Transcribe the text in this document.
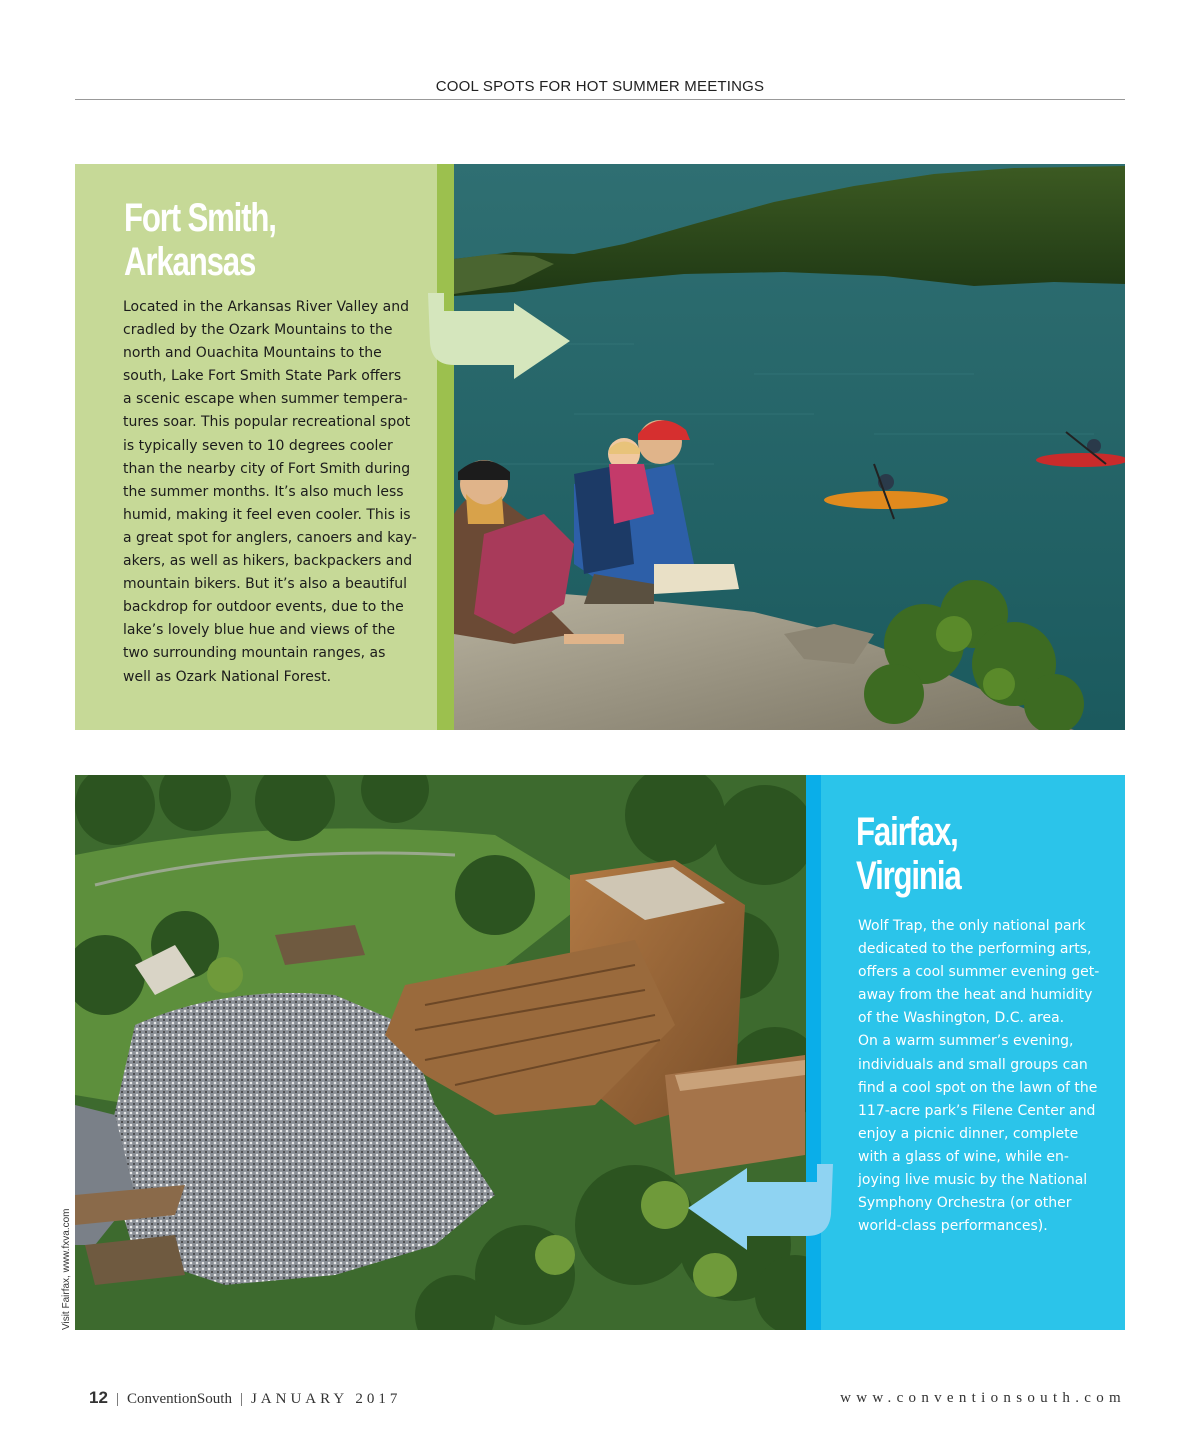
COOL SPOTS FOR HOT SUMMER MEETINGS
Fort Smith,
Arkansas

Located in the Arkansas River Valley and

cradled by the Ozark Mountains to the

north and Ouachita Mountains to the

south, Lake Fort Smith State Park offers

a scenic escape when summer tempera-

tures soar. This popular recreational spot

is typically seven to 10 degrees cooler

than the nearby city of Fort Smith during

the summer months. It’s also much less

humid, making it feel even cooler. This is

a great spot for anglers, canoers and kay-

akers, as well as hikers, backpackers and

mountain bikers. But it’s also a beautiful

backdrop for outdoor events, due to the

lake’s lovely blue hue and views of the

two surrounding mountain ranges, as

well as Ozark National Forest.

Fairfax,
Virginia

Wolf Trap, the only national park

dedicated to the performing arts,

offers a cool summer evening get-

away from the heat and humidity

of the Washington, D.C. area.

On a warm summer’s evening,

individuals and small groups can

find a cool spot on the lawn of the

117-acre park’s Filene Center and

enjoy a picnic dinner, complete

with a glass of wine, while en-

joying live music by the National

Symphony Orchestra (or other

world-class performances).

Visit Fairfax, www.fxva.com
12 | ConventionSouth | JANUARY 2017	www.conventionsouth.com
